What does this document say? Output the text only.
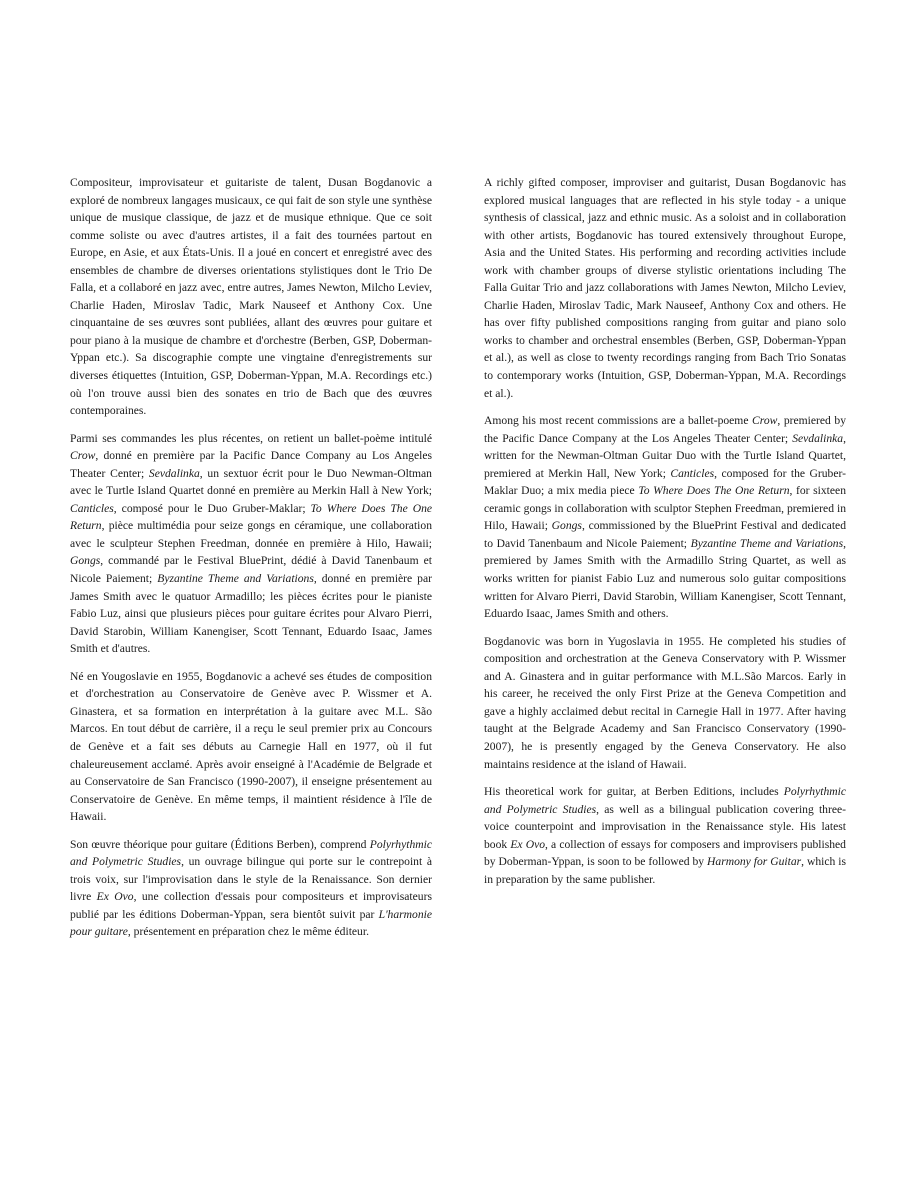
Compositeur, improvisateur et guitariste de talent, Dusan Bogdanovic a exploré de nombreux langages musicaux, ce qui fait de son style une synthèse unique de musique classique, de jazz et de musique ethnique. Que ce soit comme soliste ou avec d'autres artistes, il a fait des tournées partout en Europe, en Asie, et aux États-Unis. Il a joué en concert et enregistré avec des ensembles de chambre de diverses orientations stylistiques dont le Trio De Falla, et a collaboré en jazz avec, entre autres, James Newton, Milcho Leviev, Charlie Haden, Miroslav Tadic, Mark Nauseef et Anthony Cox. Une cinquantaine de ses œuvres sont publiées, allant des œuvres pour guitare et pour piano à la musique de chambre et d'orchestre (Berben, GSP, Doberman-Yppan etc.). Sa discographie compte une vingtaine d'enregistrements sur diverses étiquettes (Intuition, GSP, Doberman-Yppan, M.A. Recordings etc.) où l'on trouve aussi bien des sonates en trio de Bach que des œuvres contemporaines.

Parmi ses commandes les plus récentes, on retient un ballet-poème intitulé Crow, donné en première par la Pacific Dance Company au Los Angeles Theater Center; Sevdalinka, un sextuor écrit pour le Duo Newman-Oltman avec le Turtle Island Quartet donné en première au Merkin Hall à New York; Canticles, composé pour le Duo Gruber-Maklar; To Where Does The One Return, pièce multimédia pour seize gongs en céramique, une collaboration avec le sculpteur Stephen Freedman, donnée en première à Hilo, Hawaii; Gongs, commandé par le Festival BluePrint, dédié à David Tanenbaum et Nicole Paiement; Byzantine Theme and Variations, donné en première par James Smith avec le quatuor Armadillo; les pièces écrites pour le pianiste Fabio Luz, ainsi que plusieurs pièces pour guitare écrites pour Alvaro Pierri, David Starobin, William Kanengiser, Scott Tennant, Eduardo Isaac, James Smith et d'autres.

Né en Yougoslavie en 1955, Bogdanovic a achevé ses études de composition et d'orchestration au Conservatoire de Genève avec P. Wissmer et A. Ginastera, et sa formation en interprétation à la guitare avec M.L. São Marcos. En tout début de carrière, il a reçu le seul premier prix au Concours de Genève et a fait ses débuts au Carnegie Hall en 1977, où il fut chaleureusement acclamé. Après avoir enseigné à l'Académie de Belgrade et au Conservatoire de San Francisco (1990-2007), il enseigne présentement au Conservatoire de Genève. En même temps, il maintient résidence à l'île de Hawaii.

Son œuvre théorique pour guitare (Éditions Berben), comprend Polyrhythmic and Polymetric Studies, un ouvrage bilingue qui porte sur le contrepoint à trois voix, sur l'improvisation dans le style de la Renaissance. Son dernier livre Ex Ovo, une collection d'essais pour compositeurs et improvisateurs publié par les éditions Doberman-Yppan, sera bientôt suivit par L'harmonie pour guitare, présentement en préparation chez le même éditeur.

A richly gifted composer, improviser and guitarist, Dusan Bogdanovic has explored musical languages that are reflected in his style today - a unique synthesis of classical, jazz and ethnic music. As a soloist and in collaboration with other artists, Bogdanovic has toured extensively throughout Europe, Asia and the United States. His performing and recording activities include work with chamber groups of diverse stylistic orientations including The Falla Guitar Trio and jazz collaborations with James Newton, Milcho Leviev, Charlie Haden, Miroslav Tadic, Mark Nauseef, Anthony Cox and others. He has over fifty published compositions ranging from guitar and piano solo works to chamber and orchestral ensembles (Berben, GSP, Doberman-Yppan et al.), as well as close to twenty recordings ranging from Bach Trio Sonatas to contemporary works (Intuition, GSP, Doberman-Yppan, M.A. Recordings et al.).

Among his most recent commissions are a ballet-poeme Crow, premiered by the Pacific Dance Company at the Los Angeles Theater Center; Sevdalinka, written for the Newman-Oltman Guitar Duo with the Turtle Island Quartet, premiered at Merkin Hall, New York; Canticles, composed for the Gruber-Maklar Duo; a mix media piece To Where Does The One Return, for sixteen ceramic gongs in collaboration with sculptor Stephen Freedman, premiered in Hilo, Hawaii; Gongs, commissioned by the BluePrint Festival and dedicated to David Tanenbaum and Nicole Paiement; Byzantine Theme and Variations, premiered by James Smith with the Armadillo String Quartet, as well as works written for pianist Fabio Luz and numerous solo guitar compositions written for Alvaro Pierri, David Starobin, William Kanengiser, Scott Tennant, Eduardo Isaac, James Smith and others.

Bogdanovic was born in Yugoslavia in 1955. He completed his studies of composition and orchestration at the Geneva Conservatory with P. Wissmer and A. Ginastera and in guitar performance with M.L.São Marcos. Early in his career, he received the only First Prize at the Geneva Competition and gave a highly acclaimed debut recital in Carnegie Hall in 1977. After having taught at the Belgrade Academy and San Francisco Conservatory (1990-2007), he is presently engaged by the Geneva Conservatory. He also maintains residence at the island of Hawaii.

His theoretical work for guitar, at Berben Editions, includes Polyrhythmic and Polymetric Studies, as well as a bilingual publication covering three- voice counterpoint and improvisation in the Renaissance style. His latest book Ex Ovo, a collection of essays for composers and improvisers published by Doberman-Yppan, is soon to be followed by Harmony for Guitar, which is in preparation by the same publisher.
